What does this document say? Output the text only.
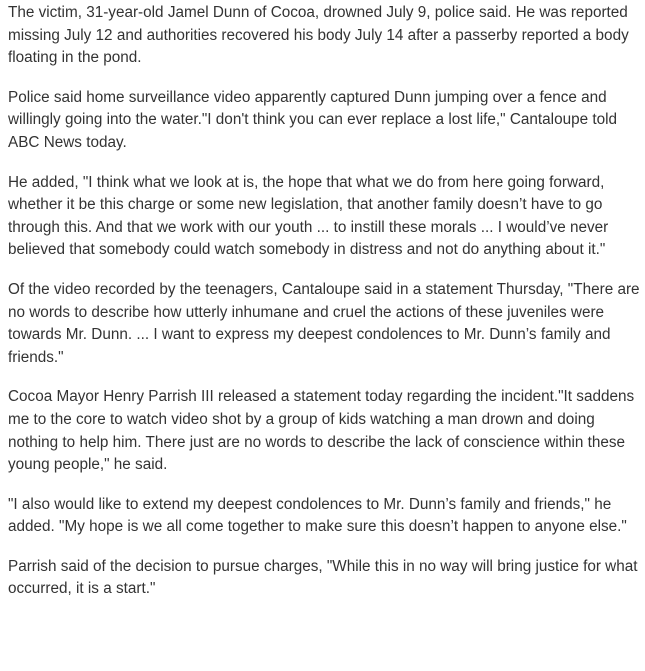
The victim, 31-year-old Jamel Dunn of Cocoa, drowned July 9, police said. He was reported missing July 12 and authorities recovered his body July 14 after a passerby reported a body floating in the pond.

Police said home surveillance video apparently captured Dunn jumping over a fence and willingly going into the water."I don't think you can ever replace a lost life," Cantaloupe told ABC News today.

He added, "I think what we look at is, the hope that what we do from here going forward, whether it be this charge or some new legislation, that another family doesn’t have to go through this. And that we work with our youth ... to instill these morals ... I would’ve never believed that somebody could watch somebody in distress and not do anything about it."

Of the video recorded by the teenagers, Cantaloupe said in a statement Thursday, "There are no words to describe how utterly inhumane and cruel the actions of these juveniles were towards Mr. Dunn. ... I want to express my deepest condolences to Mr. Dunn’s family and friends."

Cocoa Mayor Henry Parrish III released a statement today regarding the incident."It saddens me to the core to watch video shot by a group of kids watching a man drown and doing nothing to help him. There just are no words to describe the lack of conscience within these young people," he said.

"I also would like to extend my deepest condolences to Mr. Dunn’s family and friends," he added. "My hope is we all come together to make sure this doesn’t happen to anyone else."

Parrish said of the decision to pursue charges, "While this in no way will bring justice for what occurred, it is a start."
